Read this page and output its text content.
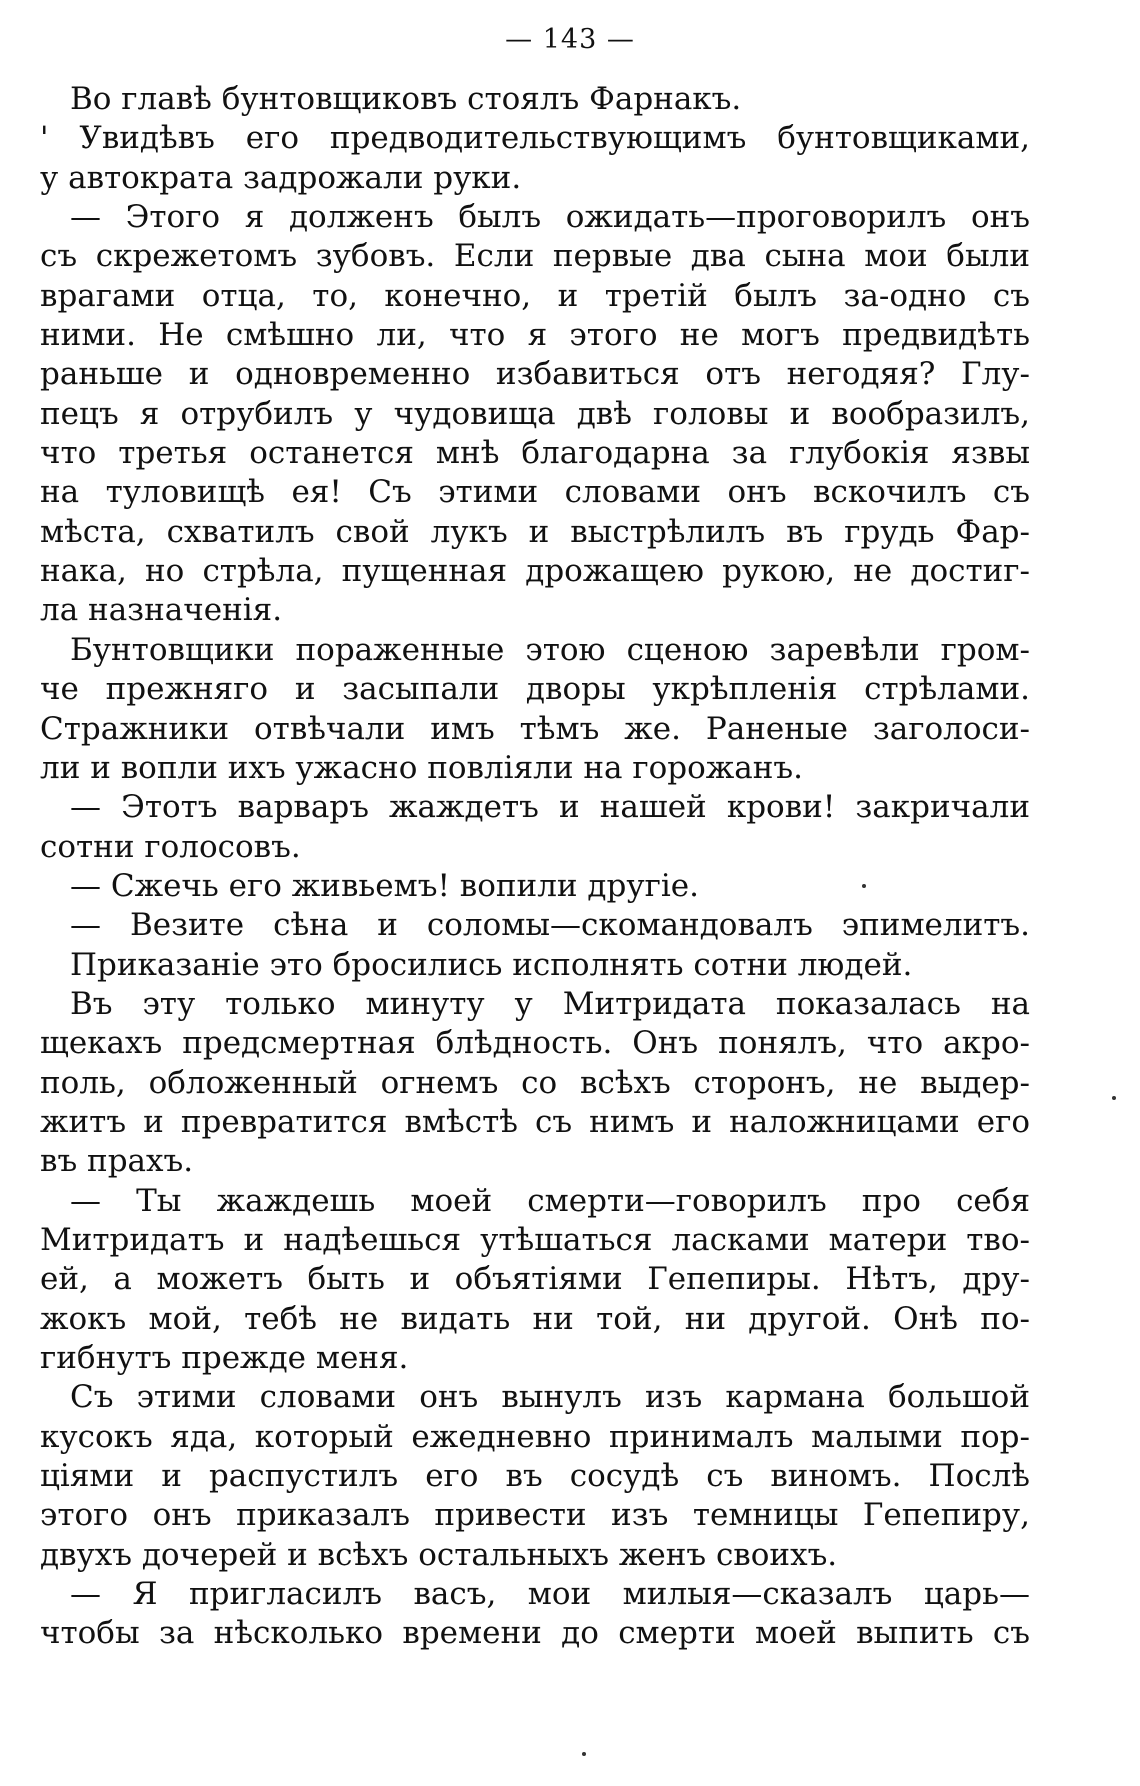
— 143 —
Во главѣ бунтовщиковъ стоялъ Фарнакъ.
' Увидѣвъ его предводительствующимъ бунтовщиками,
у автократа задрожали руки.
— Этого я долженъ былъ ожидать—проговорилъ онъ
съ скрежетомъ зубовъ. Если первые два сына мои были
врагами отца, то, конечно, и третій былъ за-одно съ
ними. Не смѣшно ли, что я этого не могъ предвидѣть
раньше и одновременно избавиться отъ негодяя? Глу-
пецъ я отрубилъ у чудовища двѣ головы и вообразилъ,
что третья останется мнѣ благодарна за глубокія язвы
на туловищѣ ея! Съ этими словами онъ вскочилъ съ
мѣста, схватилъ свой лукъ и выстрѣлилъ въ грудь Фар-
нака, но стрѣла, пущенная дрожащею рукою, не достиг-
ла назначенія.
Бунтовщики пораженные этою сценою заревѣли гром-
че прежняго и засыпали дворы укрѣпленія стрѣлами.
Стражники отвѣчали имъ тѣмъ же. Раненые заголоси-
ли и вопли ихъ ужасно повліяли на горожанъ.
— Этотъ варваръ жаждетъ и нашей крови! закричали
сотни голосовъ.
— Сжечь его живьемъ! вопили другіе.
— Везите сѣна и соломы—скомандовалъ эпимелитъ.
Приказаніе это бросились исполнять сотни людей.
Въ эту только минуту у Митридата показалась на
щекахъ предсмертная блѣдность. Онъ понялъ, что акро-
поль, обложенный огнемъ со всѣхъ сторонъ, не выдер-
житъ и превратится вмѣстѣ съ нимъ и наложницами его
въ прахъ.
— Ты жаждешь моей смерти—говорилъ про себя
Митридатъ и надѣешься утѣшаться ласками матери тво-
ей, а можетъ быть и объятіями Гепепиры. Нѣтъ, дру-
жокъ мой, тебѣ не видать ни той, ни другой. Онѣ по-
гибнутъ прежде меня.
Съ этими словами онъ вынулъ изъ кармана большой
кусокъ яда, который ежедневно принималъ малыми пор-
ціями и распустилъ его въ сосудѣ съ виномъ. Послѣ
этого онъ приказалъ привести изъ темницы Гепепиру,
двухъ дочерей и всѣхъ остальныхъ женъ своихъ.
— Я пригласилъ васъ, мои милыя—сказалъ царь—
чтобы за нѣсколько времени до смерти моей выпить съ
